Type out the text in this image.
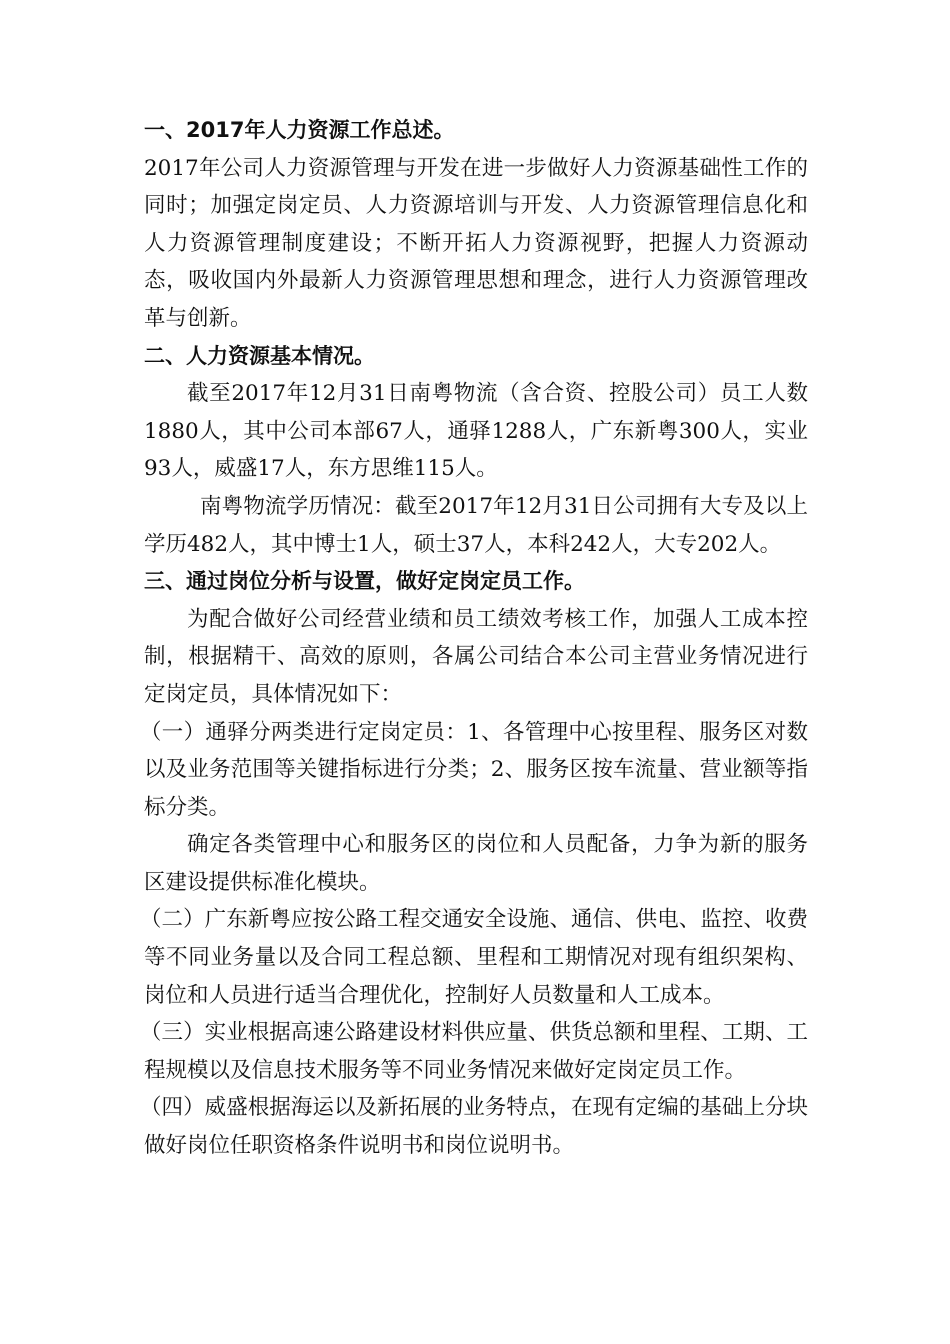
一、2017年人力资源工作总述。

2017年公司人力资源管理与开发在进一步做好人力资源基础性工作的同时；加强定岗定员、人力资源培训与开发、人力资源管理信息化和人力资源管理制度建设；不断开拓人力资源视野，把握人力资源动态，吸收国内外最新人力资源管理思想和理念，进行人力资源管理改革与创新。

二、人力资源基本情况。

截至2017年12月31日南粤物流（含合资、控股公司）员工人数1880人，其中公司本部67人，通驿1288人，广东新粤300人，实业93人，威盛17人，东方思维115人。

南粤物流学历情况：截至2017年12月31日公司拥有大专及以上学历482人，其中博士1人，硕士37人，本科242人，大专202人。

三、通过岗位分析与设置，做好定岗定员工作。

为配合做好公司经营业绩和员工绩效考核工作，加强人工成本控制，根据精干、高效的原则，各属公司结合本公司主营业务情况进行定岗定员，具体情况如下：

（一）通驿分两类进行定岗定员：1、各管理中心按里程、服务区对数以及业务范围等关键指标进行分类；2、服务区按车流量、营业额等指标分类。

确定各类管理中心和服务区的岗位和人员配备，力争为新的服务区建设提供标准化模块。

（二）广东新粤应按公路工程交通安全设施、通信、供电、监控、收费等不同业务量以及合同工程总额、里程和工期情况对现有组织架构、岗位和人员进行适当合理优化，控制好人员数量和人工成本。

（三）实业根据高速公路建设材料供应量、供货总额和里程、工期、工程规模以及信息技术服务等不同业务情况来做好定岗定员工作。

（四）威盛根据海运以及新拓展的业务特点，在现有定编的基础上分块做好岗位任职资格条件说明书和岗位说明书。
